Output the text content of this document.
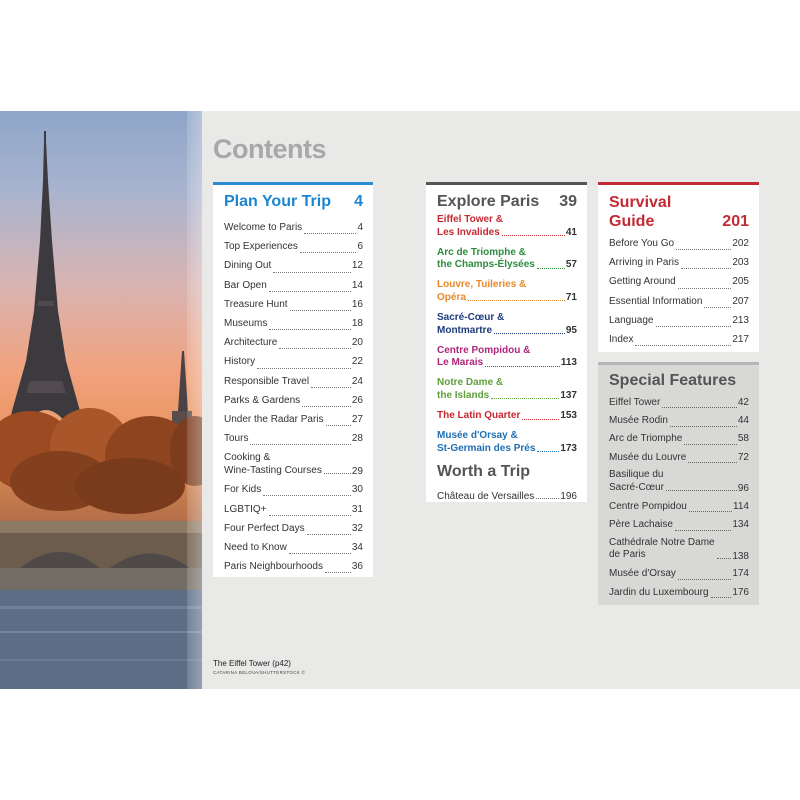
Contents
Plan Your Trip 4
Welcome to Paris	4
Top Experiences	6
Dining Out	12
Bar Open	14
Treasure Hunt	16
Museums	18
Architecture	20
History	22
Responsible Travel	24
Parks & Gardens	26
Under the Radar Paris	27
Tours	28
Cooking &
Wine-Tasting Courses	29
For Kids	30
LGBTIQ+	31
Four Perfect Days	32
Need to Know	34
Paris Neighbourhoods	36
Explore Paris 39
Eiffel Tower &
Les Invalides	41
Arc de Triomphe &
the Champs-Élysées	57
Louvre, Tuileries &
Opéra	71
Sacré-Cœur &
Montmartre	95
Centre Pompidou &
Le Marais	113
Notre Dame &
the Islands	137
The Latin Quarter	153
Musée d'Orsay &
St-Germain des Prés 173
Worth a Trip
Château de Versailles	196
Survival
Guide	201
Before You Go	202
Arriving in Paris	203
Getting Around	205
Essential Information	207
Language	213
Index	217
Special Features
Eiffel Tower	42
Musée Rodin	44
Arc de Triomphe	58
Musée du Louvre	72
Basilique du
Sacré-Cœur	96
Centre Pompidou	114
Père Lachaise	134
Cathédrale Notre Dame
de Paris	138
Musée d'Orsay	174
Jardin du Luxembourg 176
The Eiffel Tower (p42)
CATARINA BELOVA/SHUTTERSTOCK ©
